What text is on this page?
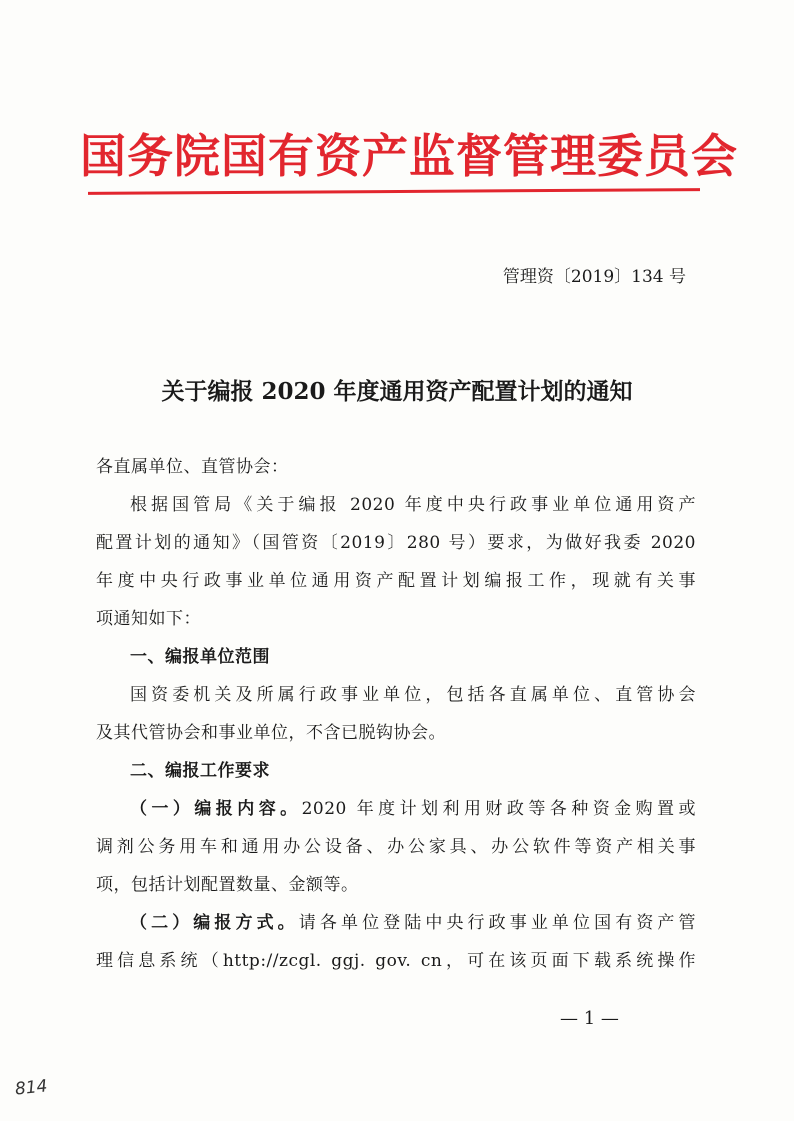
国务院国有资产监督管理委员会
管理资〔2019〕134 号
关于编报 2020 年度通用资产配置计划的通知
各直属单位、直管协会：
根据国管局《关于编报 2020 年度中央行政事业单位通用资产
配置计划的通知》（国管资〔2019〕280 号）要求，为做好我委 2020
年度中央行政事业单位通用资产配置计划编报工作，现就有关事
项通知如下：
一、编报单位范围
国资委机关及所属行政事业单位，包括各直属单位、直管协会
及其代管协会和事业单位，不含已脱钩协会。
二、编报工作要求
（一）编报内容。2020 年度计划利用财政等各种资金购置或
调剂公务用车和通用办公设备、办公家具、办公软件等资产相关事
项，包括计划配置数量、金额等。
（二）编报方式。请各单位登陆中央行政事业单位国有资产管
理信息系统（http://zcgl. ggj. gov. cn，可在该页面下载系统操作
— 1 —
814
